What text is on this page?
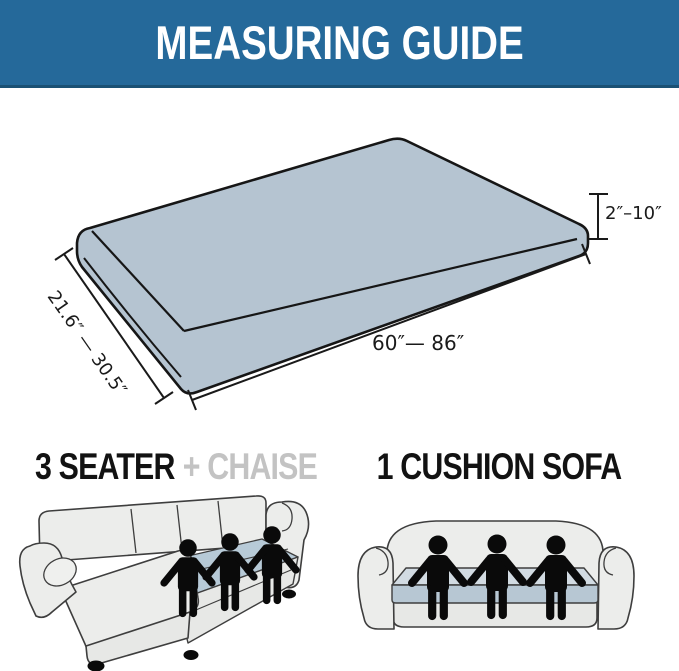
MEASURING GUIDE
2″–10″
21.6″ — 30.5″	60″— 86″
3 SEATER + CHAISE 1 CUSHION SOFA
